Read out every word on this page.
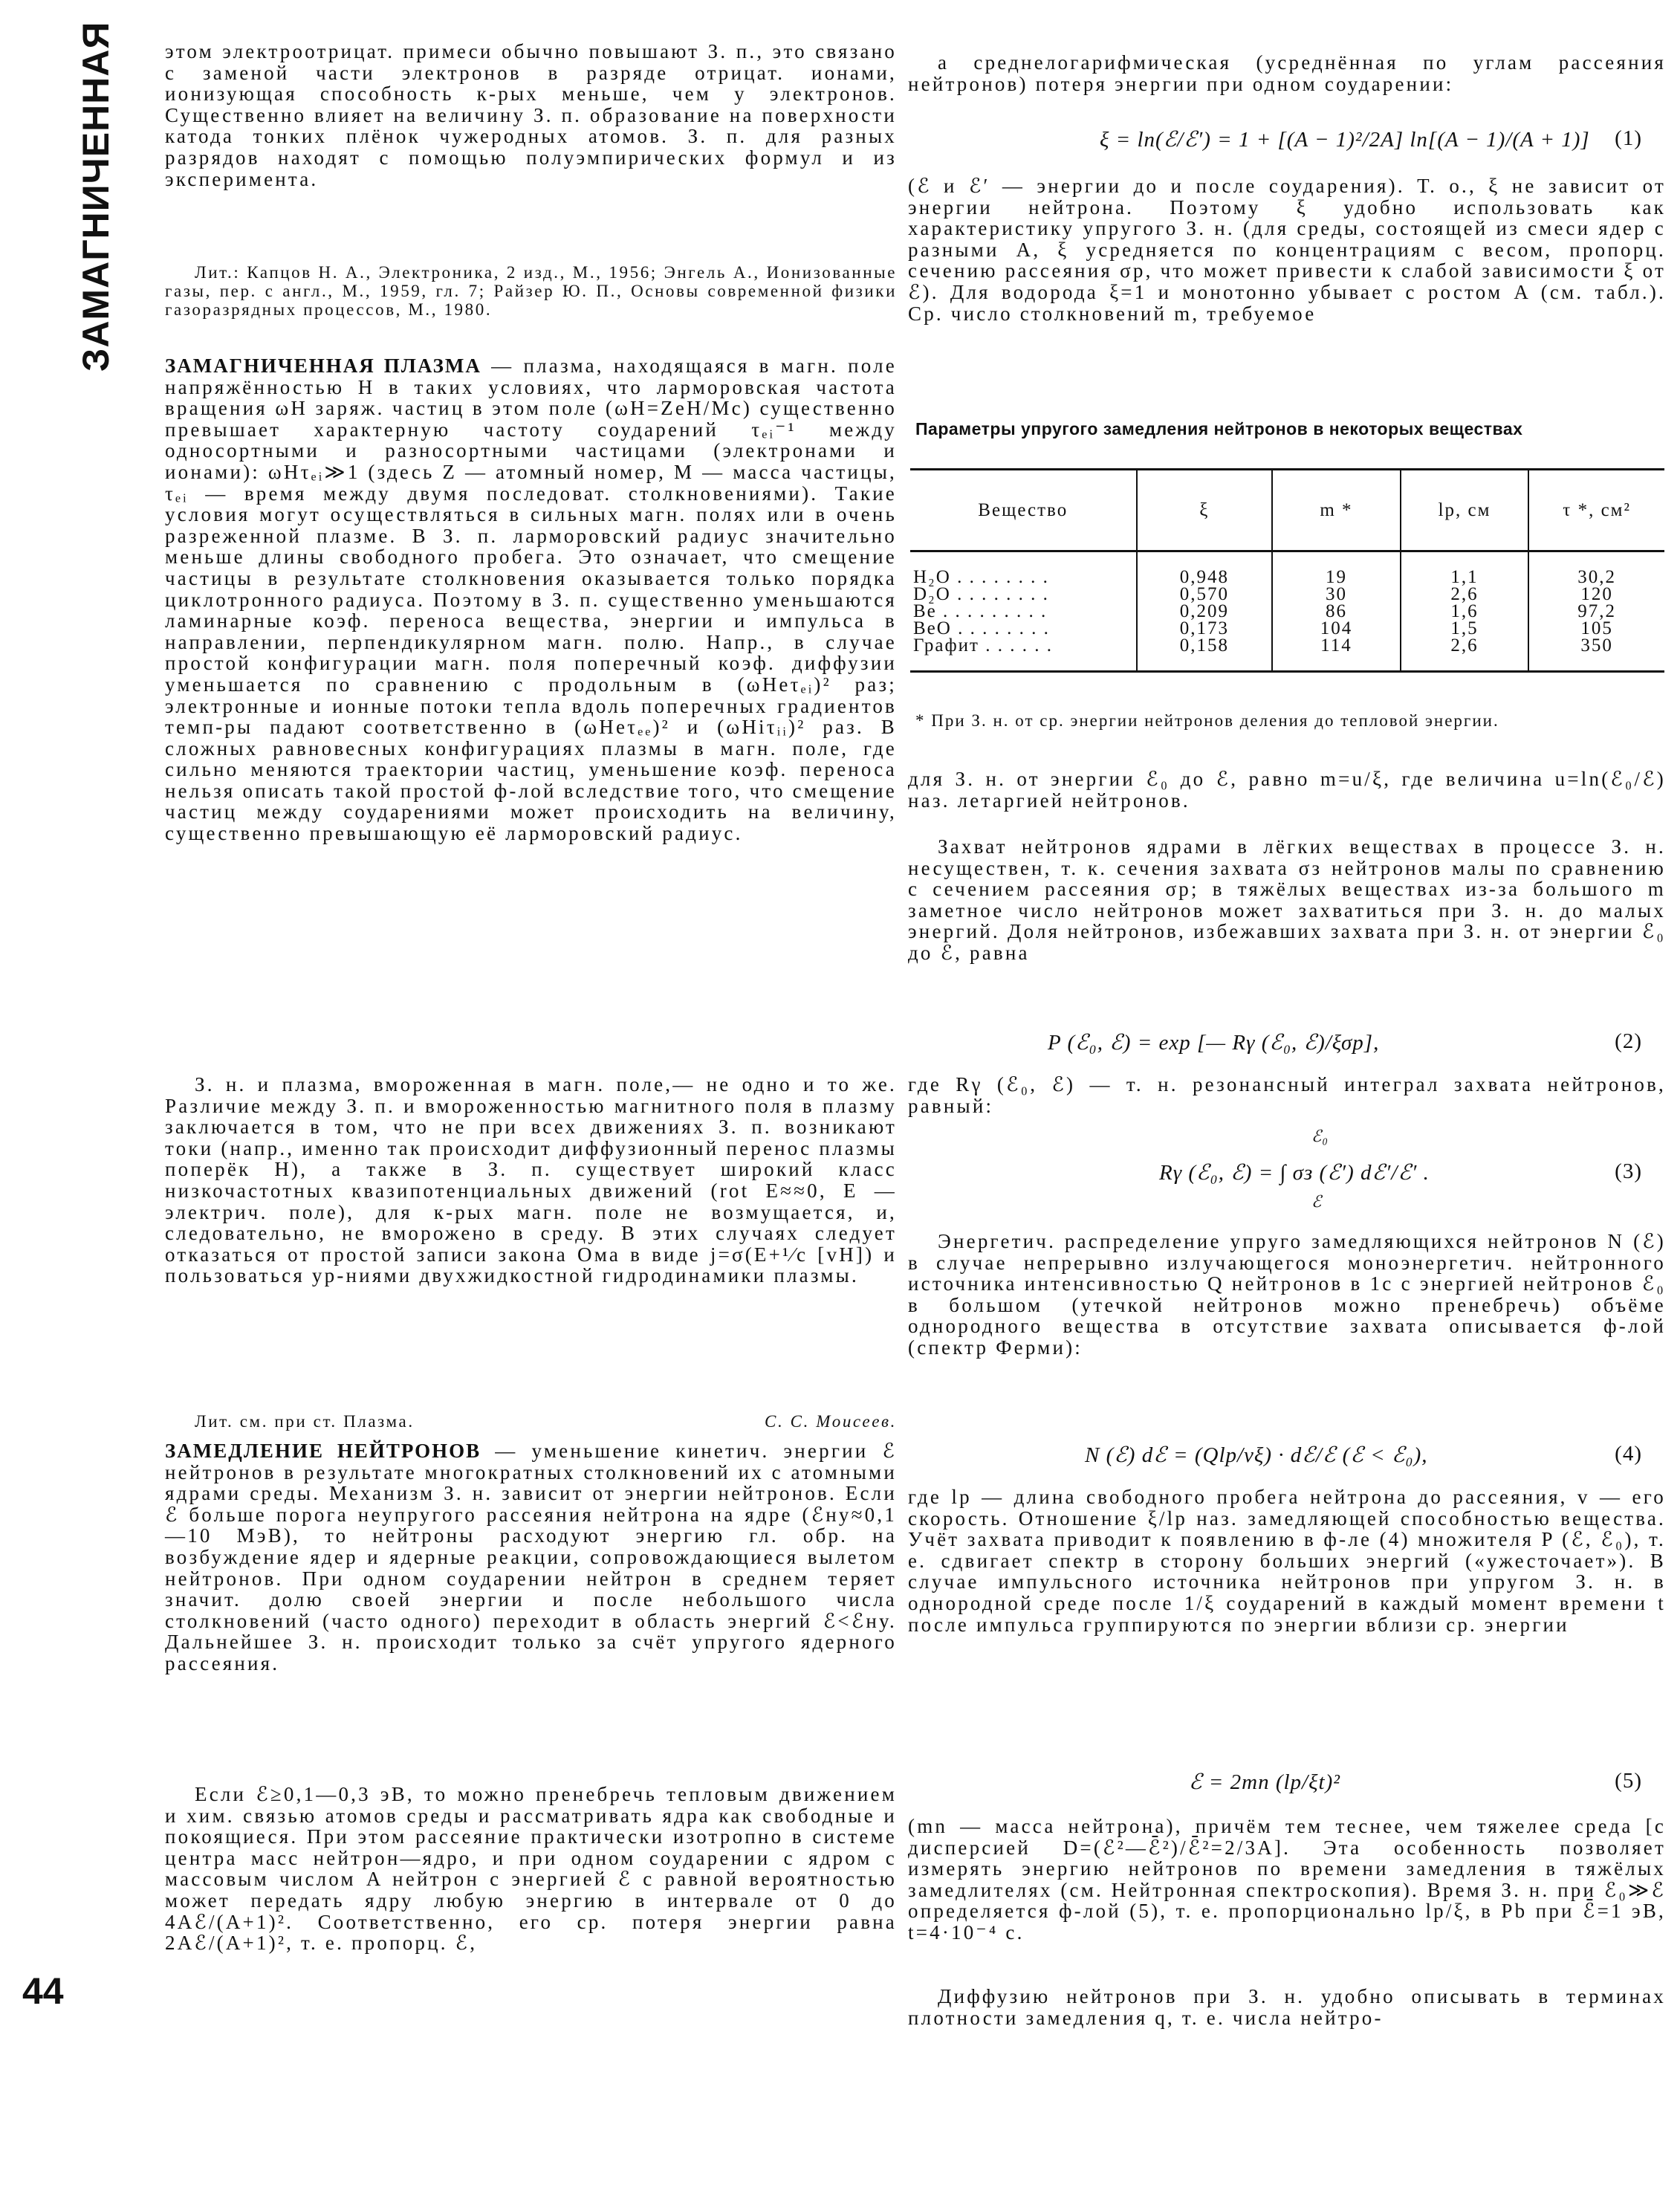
ЗАМАГНИЧЕННАЯ
44
этом электроотрицат. примеси обычно повышают З. п., это связано с заменой части электронов в разряде отрицат. ионами, ионизующая способность к-рых меньше, чем у электронов. Существенно влияет на величину З. п. образование на поверхности катода тонких плёнок чужеродных атомов. З. п. для разных разрядов находят с помощью полуэмпирических формул и из эксперимента.
Лит.: Капцов Н. А., Электроника, 2 изд., М., 1956; Энгель А., Ионизованные газы, пер. с англ., М., 1959, гл. 7; Райзер Ю. П., Основы современной физики газоразрядных процессов, М., 1980.
ЗАМАГНИЧЕННАЯ ПЛАЗМА — плазма, находящаяся в магн. поле напряжённостью H в таких условиях, что ларморовская частота вращения ωH заряж. частиц в этом поле (ωH=ZeH/Mc) существенно превышает характерную частоту соударений τₑᵢ⁻¹ между односортными и разносортными частицами (электронами и ионами): ωHτₑᵢ≫1 (здесь Z — атомный номер, M — масса частицы, τₑᵢ — время между двумя последоват. столкновениями). Такие условия могут осуществляться в сильных магн. полях или в очень разреженной плазме. В З. п. ларморовский радиус значительно меньше длины свободного пробега. Это означает, что смещение частицы в результате столкновения оказывается только порядка циклотронного радиуса. Поэтому в З. п. существенно уменьшаются ламинарные коэф. переноса вещества, энергии и импульса в направлении, перпендикулярном магн. полю. Напр., в случае простой конфигурации магн. поля поперечный коэф. диффузии уменьшается по сравнению с продольным в (ωHeτₑᵢ)² раз; электронные и ионные потоки тепла вдоль поперечных градиентов темп-ры падают соответственно в (ωHeτₑₑ)² и (ωHiτᵢᵢ)² раз. В сложных равновесных конфигурациях плазмы в магн. поле, где сильно меняются траектории частиц, уменьшение коэф. переноса нельзя описать такой простой ф-лой вследствие того, что смещение частиц между соударениями может происходить на величину, существенно превышающую её ларморовский радиус.
З. н. и плазма, вмороженная в магн. поле,— не одно и то же. Различие между З. п. и вмороженностью магнитного поля в плазму заключается в том, что не при всех движениях З. п. возникают токи (напр., именно так происходит диффузионный перенос плазмы поперёк H), а также в З. п. существует широкий класс низкочастотных квазипотенциальных движений (rot E≈≈0, E — электрич. поле), для к-рых магн. поле не возмущается, и, следовательно, не вморожено в среду. В этих случаях следует отказаться от простой записи закона Ома в виде j=σ(E+¹⁄c [vH]) и пользоваться ур-ниями двухжидкостной гидродинамики плазмы.
Лит. см. при ст. Плазма.	С. С. Моисеев.
ЗАМЕДЛЕНИЕ НЕЙТРОНОВ — уменьшение кинетич. энергии ℰ нейтронов в результате многократных столкновений их с атомными ядрами среды. Механизм З. н. зависит от энергии нейтронов. Если ℰ больше порога неупругого рассеяния нейтрона на ядре (ℰну≈0,1—10 МэВ), то нейтроны расходуют энергию гл. обр. на возбуждение ядер и ядерные реакции, сопровождающиеся вылетом нейтронов. При одном соударении нейтрон в среднем теряет значит. долю своей энергии и после небольшого числа столкновений (часто одного) переходит в область энергий ℰ<ℰну. Дальнейшее З. н. происходит только за счёт упругого ядерного рассеяния.
Если ℰ≥0,1—0,3 эВ, то можно пренебречь тепловым движением и хим. связью атомов среды и рассматривать ядра как свободные и покоящиеся. При этом рассеяние практически изотропно в системе центра масс нейтрон—ядро, и при одном соударении с ядром с массовым числом A нейтрон с энергией ℰ с равной вероятностью может передать ядру любую энергию в интервале от 0 до 4Aℰ/(A+1)². Соответственно, его ср. потеря энергии равна 2Aℰ/(A+1)², т. е. пропорц. ℰ,
а среднелогарифмическая (усреднённая по углам рассеяния нейтронов) потеря энергии при одном соударении:
ξ = ln(ℰ/ℰ′) = 1 + [(A − 1)²/2A] ln[(A − 1)/(A + 1)] (1)
(ℰ и ℰ′ — энергии до и после соударения). Т. о., ξ не зависит от энергии нейтрона. Поэтому ξ удобно использовать как характеристику упругого З. н. (для среды, состоящей из смеси ядер с разными A, ξ усредняется по концентрациям с весом, пропорц. сечению рассеяния σp, что может привести к слабой зависимости ξ от ℰ). Для водорода ξ=1 и монотонно убывает с ростом A (см. табл.). Ср. число столкновений m, требуемое
Параметры упругого замедления нейтронов в некоторых веществах
Вещество	ξ	m *	lp, см	τ *, см²
H₂O . . . . . . . .	0,948	19	1,1	30,2
D₂O . . . . . . . .	0,570	30	2,6	120
Be . . . . . . . . .	0,209	86	1,6	97,2
BeO . . . . . . . .	0,173	104	1,5	105
Графит . . . . . .	0,158	114	2,6	350
* При З. н. от ср. энергии нейтронов деления до тепловой энергии.
для З. н. от энергии ℰ₀ до ℰ, равно m=u/ξ, где величина u=ln(ℰ₀/ℰ) наз. летаргией нейтронов.
Захват нейтронов ядрами в лёгких веществах в процессе З. н. несуществен, т. к. сечения захвата σз нейтронов малы по сравнению с сечением рассеяния σp; в тяжёлых веществах из-за большого m заметное число нейтронов может захватиться при З. н. до малых энергий. Доля нейтронов, избежавших захвата при З. н. от энергии ℰ₀ до ℰ, равна
P (ℰ₀, ℰ) = exp [— Rγ (ℰ₀, ℰ)/ξσp],	(2)
где Rγ (ℰ₀, ℰ) — т. н. резонансный интеграл захвата нейтронов, равный:
ℰ₀
ℰ
Rγ (ℰ₀, ℰ) = ∫ σз (ℰ′) dℰ′/ℰ′ .	(3)
Энергетич. распределение упруго замедляющихся нейтронов N (ℰ) в случае непрерывно излучающегося моноэнергетич. нейтронного источника интенсивностью Q нейтронов в 1с с энергией нейтронов ℰ₀ в большом (утечкой нейтронов можно пренебречь) объёме однородного вещества в отсутствие захвата описывается ф-лой (спектр Ферми):
N (ℰ) dℰ = (Qlp/vξ) · dℰ/ℰ (ℰ < ℰ₀),	(4)
где lp — длина свободного пробега нейтрона до рассеяния, v — его скорость. Отношение ξ/lp наз. замедляющей способностью вещества. Учёт захвата приводит к появлению в ф-ле (4) множителя P (ℰ, ℰ₀), т. е. сдвигает спектр в сторону больших энергий («ужесточает»). В случае импульсного источника нейтронов при упругом З. н. в однородной среде после 1/ξ соударений в каждый момент времени t после импульса группируются по энергии вблизи ср. энергии
ℰ = 2mn (lp/ξt)²	(5)
(mn — масса нейтрона), причём тем теснее, чем тяжелее среда [с дисперсией D=(ℰ²—ℰ̄²)/ℰ̄²=2/3A]. Эта особенность позволяет измерять энергию нейтронов по времени замедления в тяжёлых замедлителях (см. Нейтронная спектроскопия). Время З. н. при ℰ₀≫ℰ определяется ф-лой (5), т. е. пропорционально lp/ξ, в Pb при ℰ̄=1 эВ, t=4·10⁻⁴ с.
Диффузию нейтронов при З. н. удобно описывать в терминах плотности замедления q, т. е. числа нейтро-
